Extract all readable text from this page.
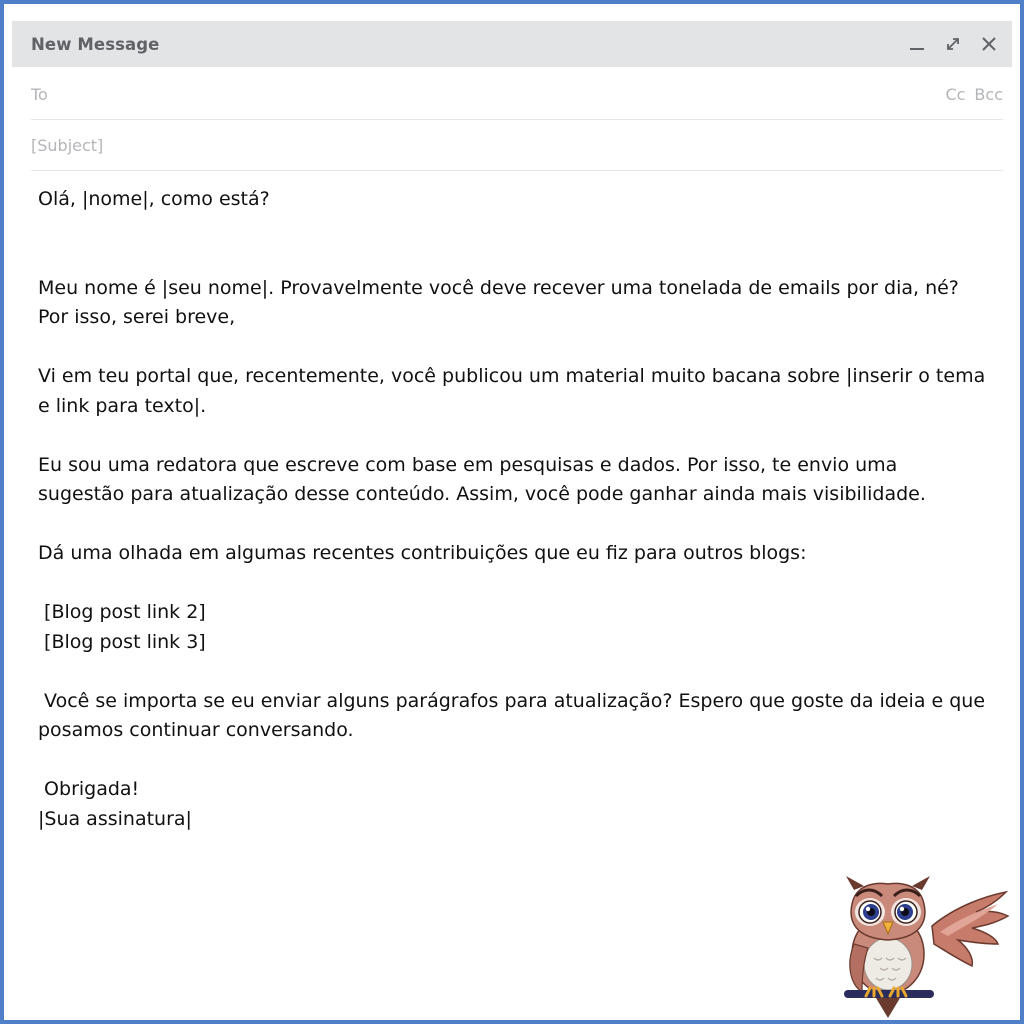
New Message
To
Cc Bcc
[Subject]

Olá, |nome|, como está?

Meu nome é |seu nome|. Provavelmente você deve recever uma tonelada de emails por dia, né? Por isso, serei breve,

Vi em teu portal que, recentemente, você publicou um material muito bacana sobre |inserir o tema e link para texto|.

Eu sou uma redatora que escreve com base em pesquisas e dados. Por isso, te envio uma sugestão para atualização desse conteúdo. Assim, você pode ganhar ainda mais visibilidade.

Dá uma olhada em algumas recentes contribuições que eu fiz para outros blogs:

[Blog post link 2]

[Blog post link 3]

Você se importa se eu enviar alguns parágrafos para atualização? Espero que goste da ideia e que posamos continuar conversando.

Obrigada!

|Sua assinatura|
